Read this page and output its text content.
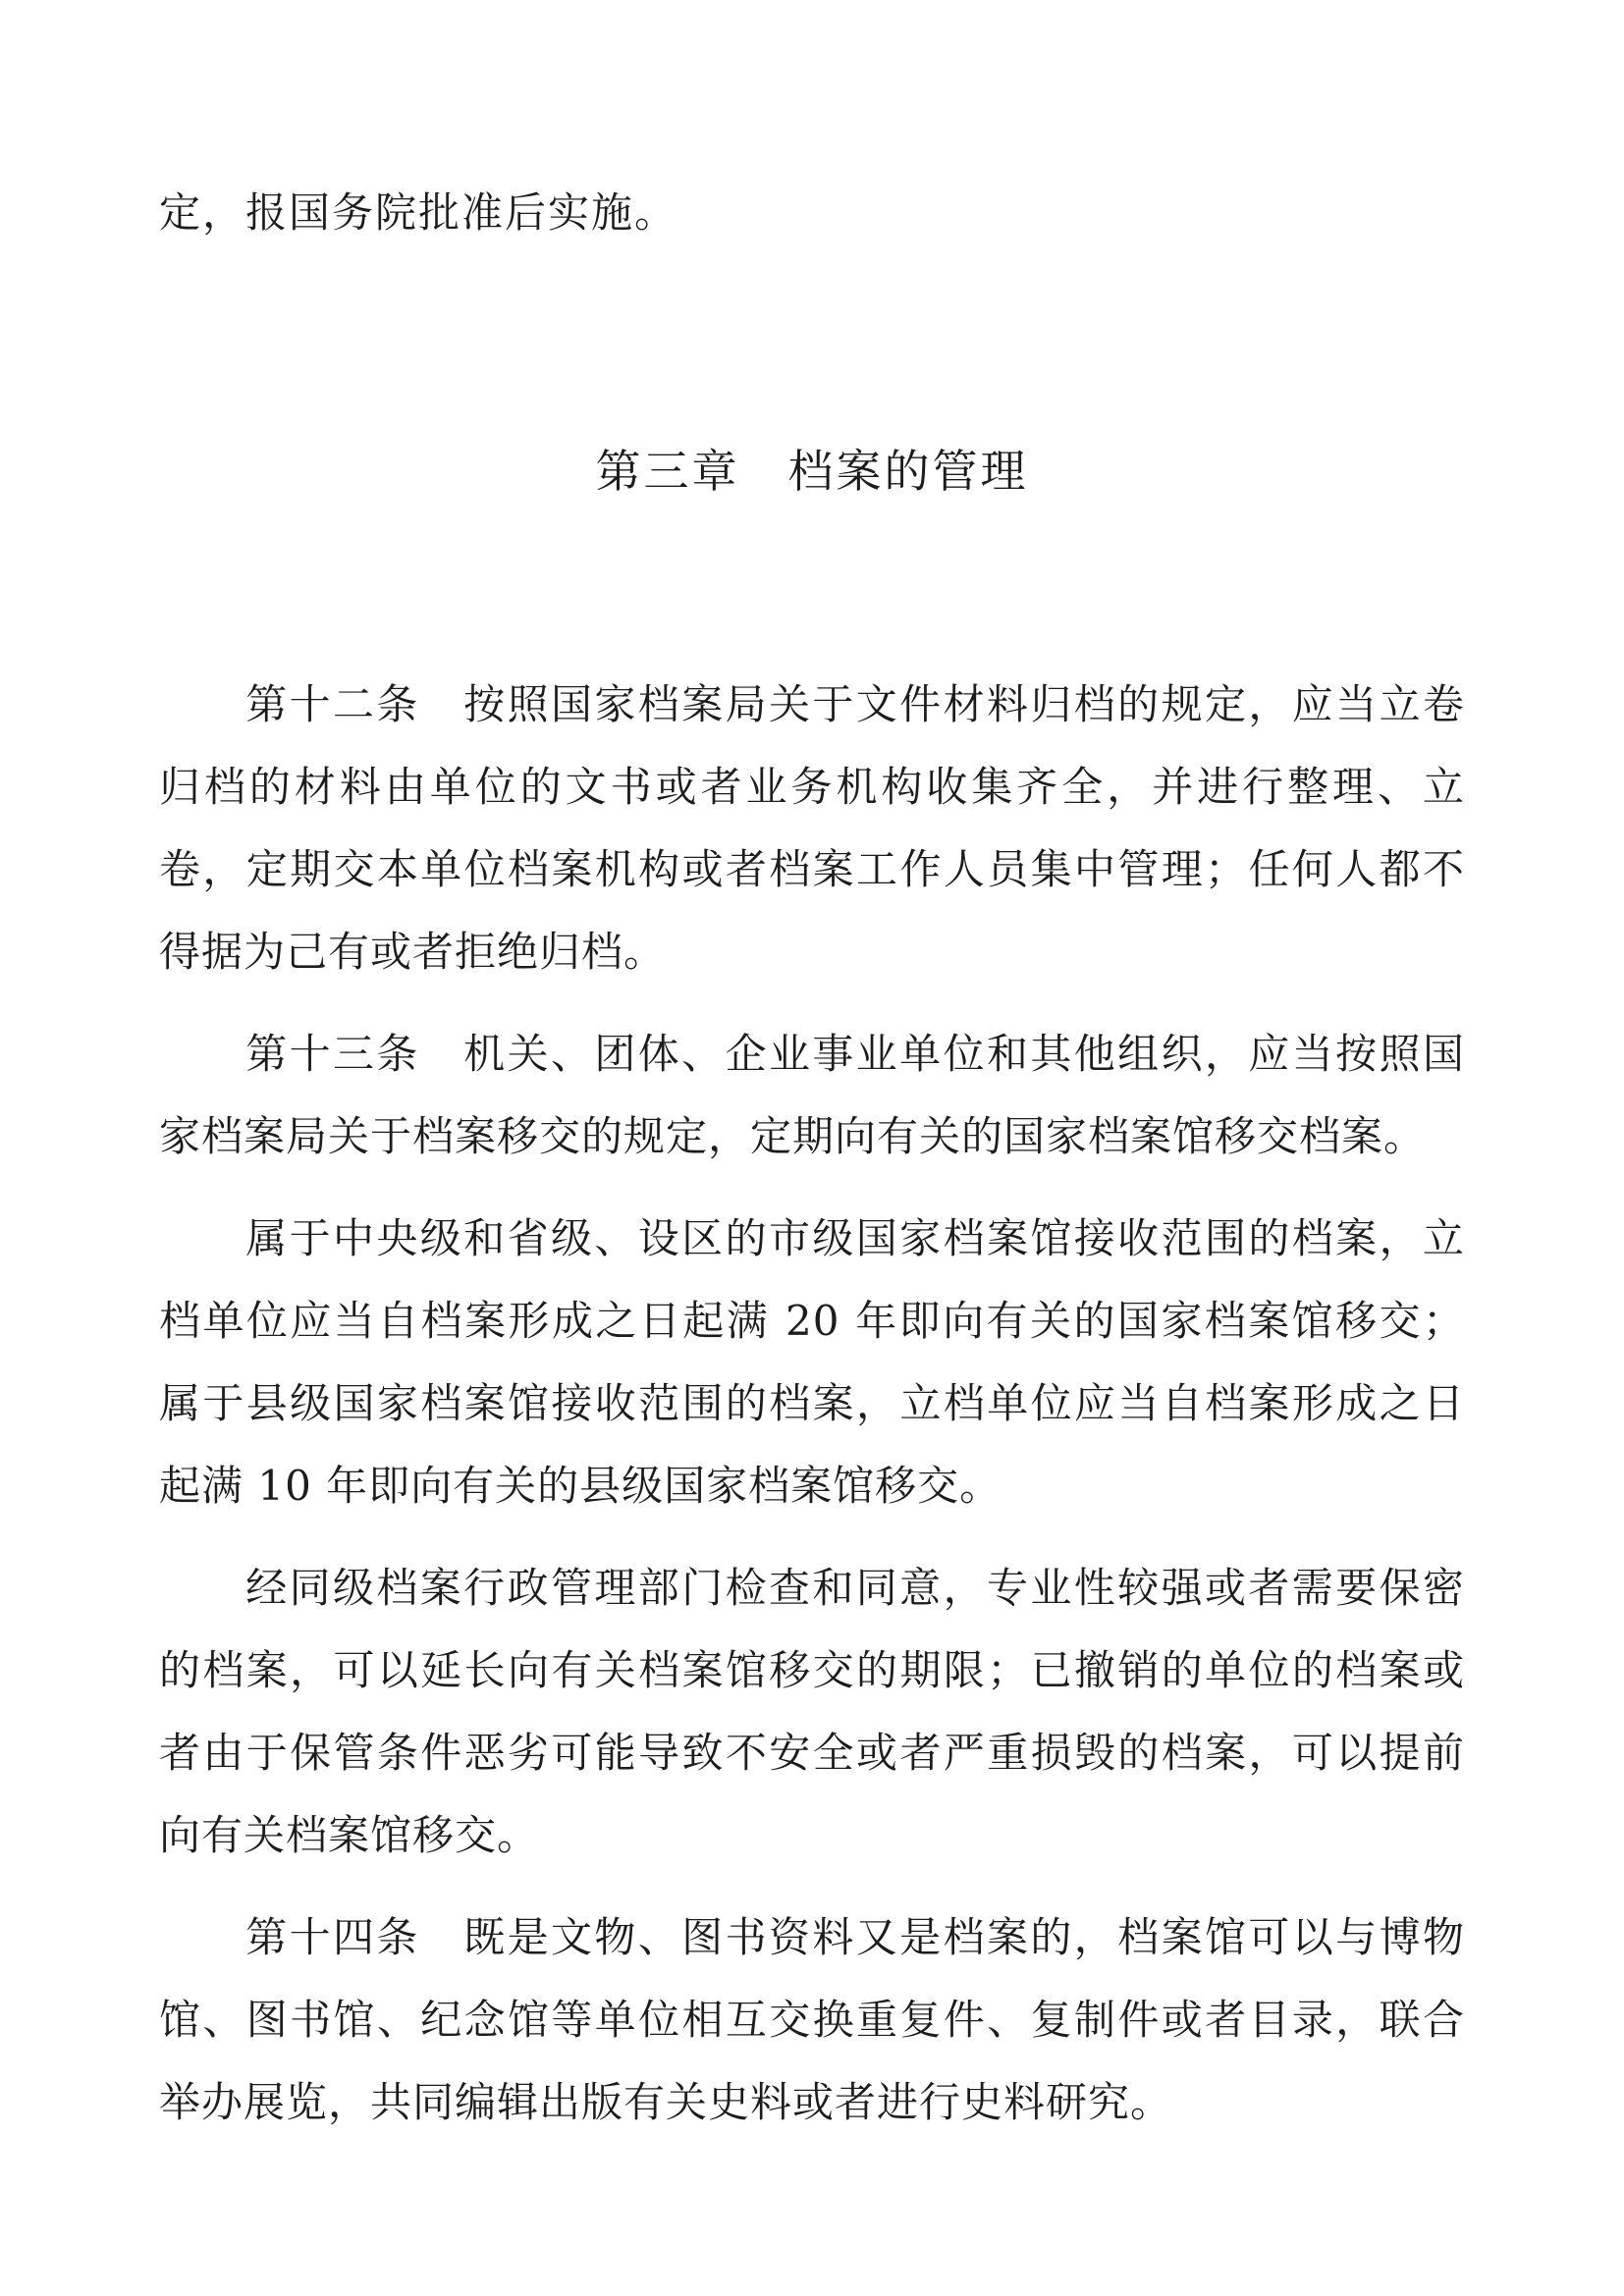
定，报国务院批准后实施。

第三章　档案的管理

第十二条　按照国家档案局关于文件材料归档的规定，应当立卷归档的材料由单位的文书或者业务机构收集齐全，并进行整理、立卷，定期交本单位档案机构或者档案工作人员集中管理；任何人都不得据为己有或者拒绝归档。

第十三条　机关、团体、企业事业单位和其他组织，应当按照国家档案局关于档案移交的规定，定期向有关的国家档案馆移交档案。

属于中央级和省级、设区的市级国家档案馆接收范围的档案，立档单位应当自档案形成之日起满 20 年即向有关的国家档案馆移交；属于县级国家档案馆接收范围的档案，立档单位应当自档案形成之日起满 10 年即向有关的县级国家档案馆移交。

经同级档案行政管理部门检查和同意，专业性较强或者需要保密的档案，可以延长向有关档案馆移交的期限；已撤销的单位的档案或者由于保管条件恶劣可能导致不安全或者严重损毁的档案，可以提前向有关档案馆移交。

第十四条　既是文物、图书资料又是档案的，档案馆可以与博物馆、图书馆、纪念馆等单位相互交换重复件、复制件或者目录，联合举办展览，共同编辑出版有关史料或者进行史料研究。
